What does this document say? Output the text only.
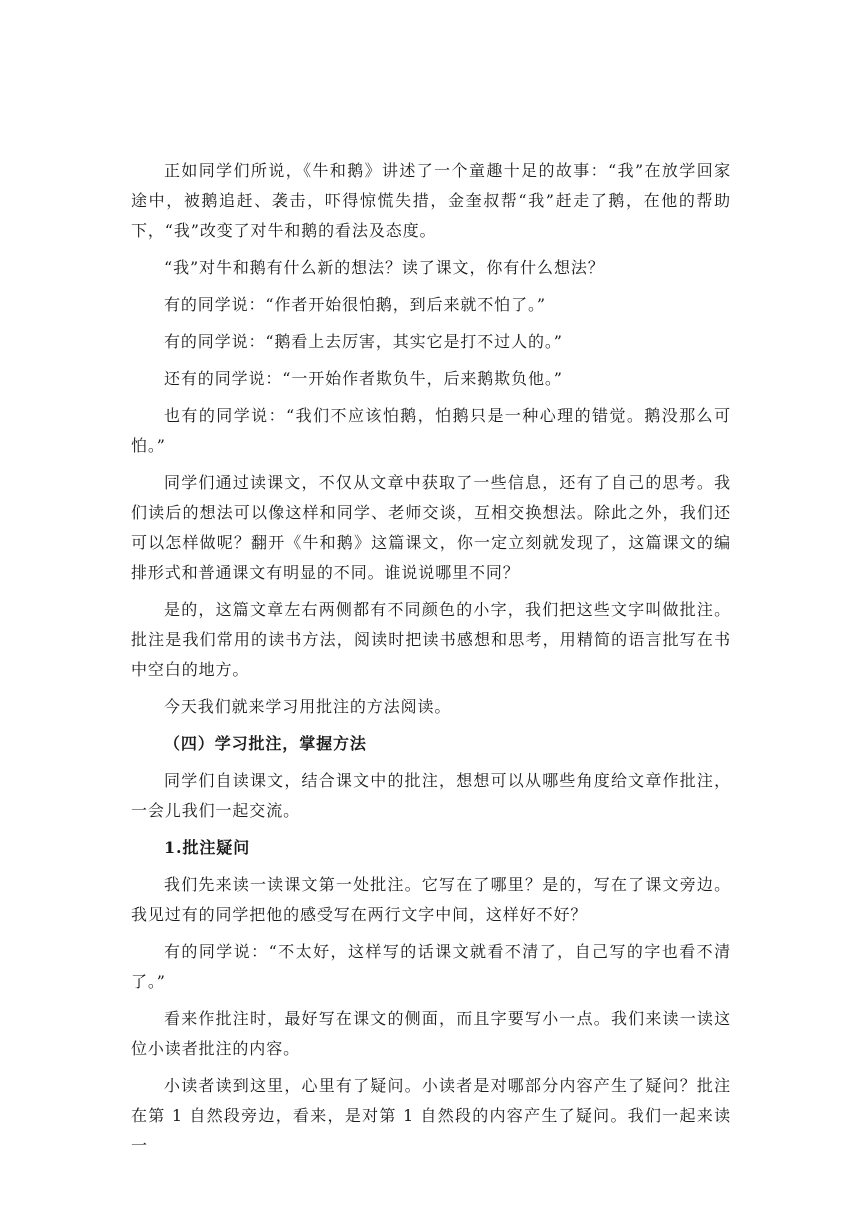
正如同学们所说，《牛和鹅》讲述了一个童趣十足的故事：“我”在放学回家途中，被鹅追赶、袭击，吓得惊慌失措，金奎叔帮“我”赶走了鹅，在他的帮助下，“我”改变了对牛和鹅的看法及态度。

“我”对牛和鹅有什么新的想法？读了课文，你有什么想法？

有的同学说：“作者开始很怕鹅，到后来就不怕了。”

有的同学说：“鹅看上去厉害，其实它是打不过人的。”

还有的同学说：“一开始作者欺负牛，后来鹅欺负他。”

也有的同学说：“我们不应该怕鹅，怕鹅只是一种心理的错觉。鹅没那么可怕。”

同学们通过读课文，不仅从文章中获取了一些信息，还有了自己的思考。我们读后的想法可以像这样和同学、老师交谈，互相交换想法。除此之外，我们还可以怎样做呢？翻开《牛和鹅》这篇课文，你一定立刻就发现了，这篇课文的编排形式和普通课文有明显的不同。谁说说哪里不同？

是的，这篇文章左右两侧都有不同颜色的小字，我们把这些文字叫做批注。批注是我们常用的读书方法，阅读时把读书感想和思考，用精简的语言批写在书中空白的地方。

今天我们就来学习用批注的方法阅读。

（四）学习批注，掌握方法

同学们自读课文，结合课文中的批注，想想可以从哪些角度给文章作批注，一会儿我们一起交流。

1.批注疑问

我们先来读一读课文第一处批注。它写在了哪里？是的，写在了课文旁边。我见过有的同学把他的感受写在两行文字中间，这样好不好？

有的同学说：“不太好，这样写的话课文就看不清了，自己写的字也看不清了。”

看来作批注时，最好写在课文的侧面，而且字要写小一点。我们来读一读这位小读者批注的内容。

小读者读到这里，心里有了疑问。小读者是对哪部分内容产生了疑问？批注在第 1 自然段旁边，看来，是对第 1 自然段的内容产生了疑问。我们一起来读一
